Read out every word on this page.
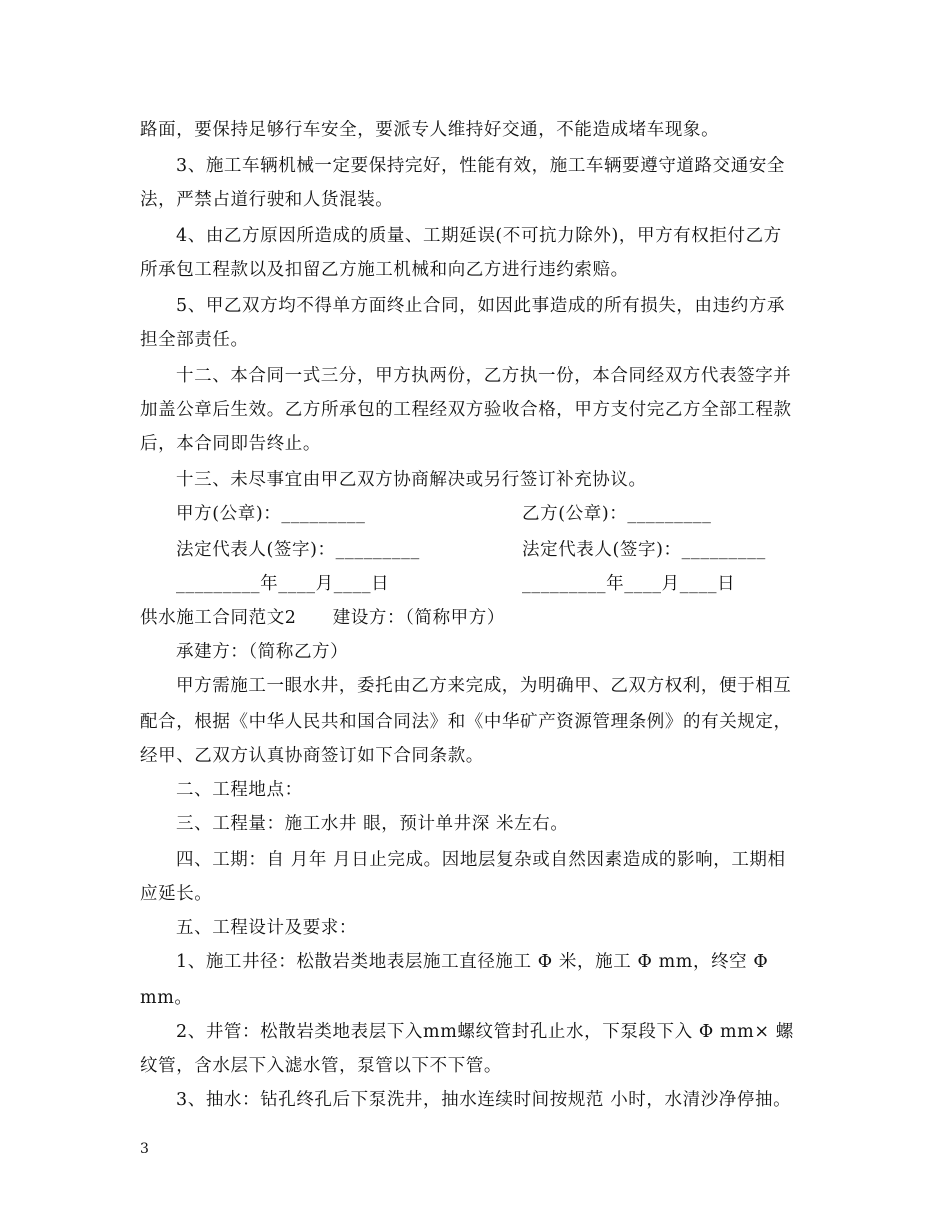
路面，要保持足够行车安全，要派专人维持好交通，不能造成堵车现象。
3、施工车辆机械一定要保持完好，性能有效，施工车辆要遵守道路交通安全
法，严禁占道行驶和人货混装。
4、由乙方原因所造成的质量、工期延误(不可抗力除外)，甲方有权拒付乙方
所承包工程款以及扣留乙方施工机械和向乙方进行违约索赔。
5、甲乙双方均不得单方面终止合同，如因此事造成的所有损失，由违约方承
担全部责任。
十二、本合同一式三分，甲方执两份，乙方执一份，本合同经双方代表签字并
加盖公章后生效。乙方所承包的工程经双方验收合格，甲方支付完乙方全部工程款
后，本合同即告终止。
十三、未尽事宜由甲乙双方协商解决或另行签订补充协议。
甲方(公章)：_________	乙方(公章)：_________
法定代表人(签字)：_________	法定代表人(签字)：_________
_________年____月____日	_________年____月____日
供水施工合同范文2　　建设方：（简称甲方）
承建方：（简称乙方）
甲方需施工一眼水井，委托由乙方来完成，为明确甲、乙双方权利，便于相互
配合，根据《中华人民共和国合同法》和《中华矿产资源管理条例》的有关规定，
经甲、乙双方认真协商签订如下合同条款。
二、工程地点：
三、工程量：施工水井 眼，预计单井深 米左右。
四、工期：自 月年 月日止完成。因地层复杂或自然因素造成的影响，工期相
应延长。
五、工程设计及要求：
1、施工井径：松散岩类地表层施工直径施工 Φ 米，施工 Φ mm，终空 Φ
mm。
2、井管：松散岩类地表层下入mm螺纹管封孔止水，下泵段下入 Φ mm× 螺
纹管，含水层下入滤水管，泵管以下不下管。
3、抽水：钻孔终孔后下泵洗井，抽水连续时间按规范 小时，水清沙净停抽。
3
